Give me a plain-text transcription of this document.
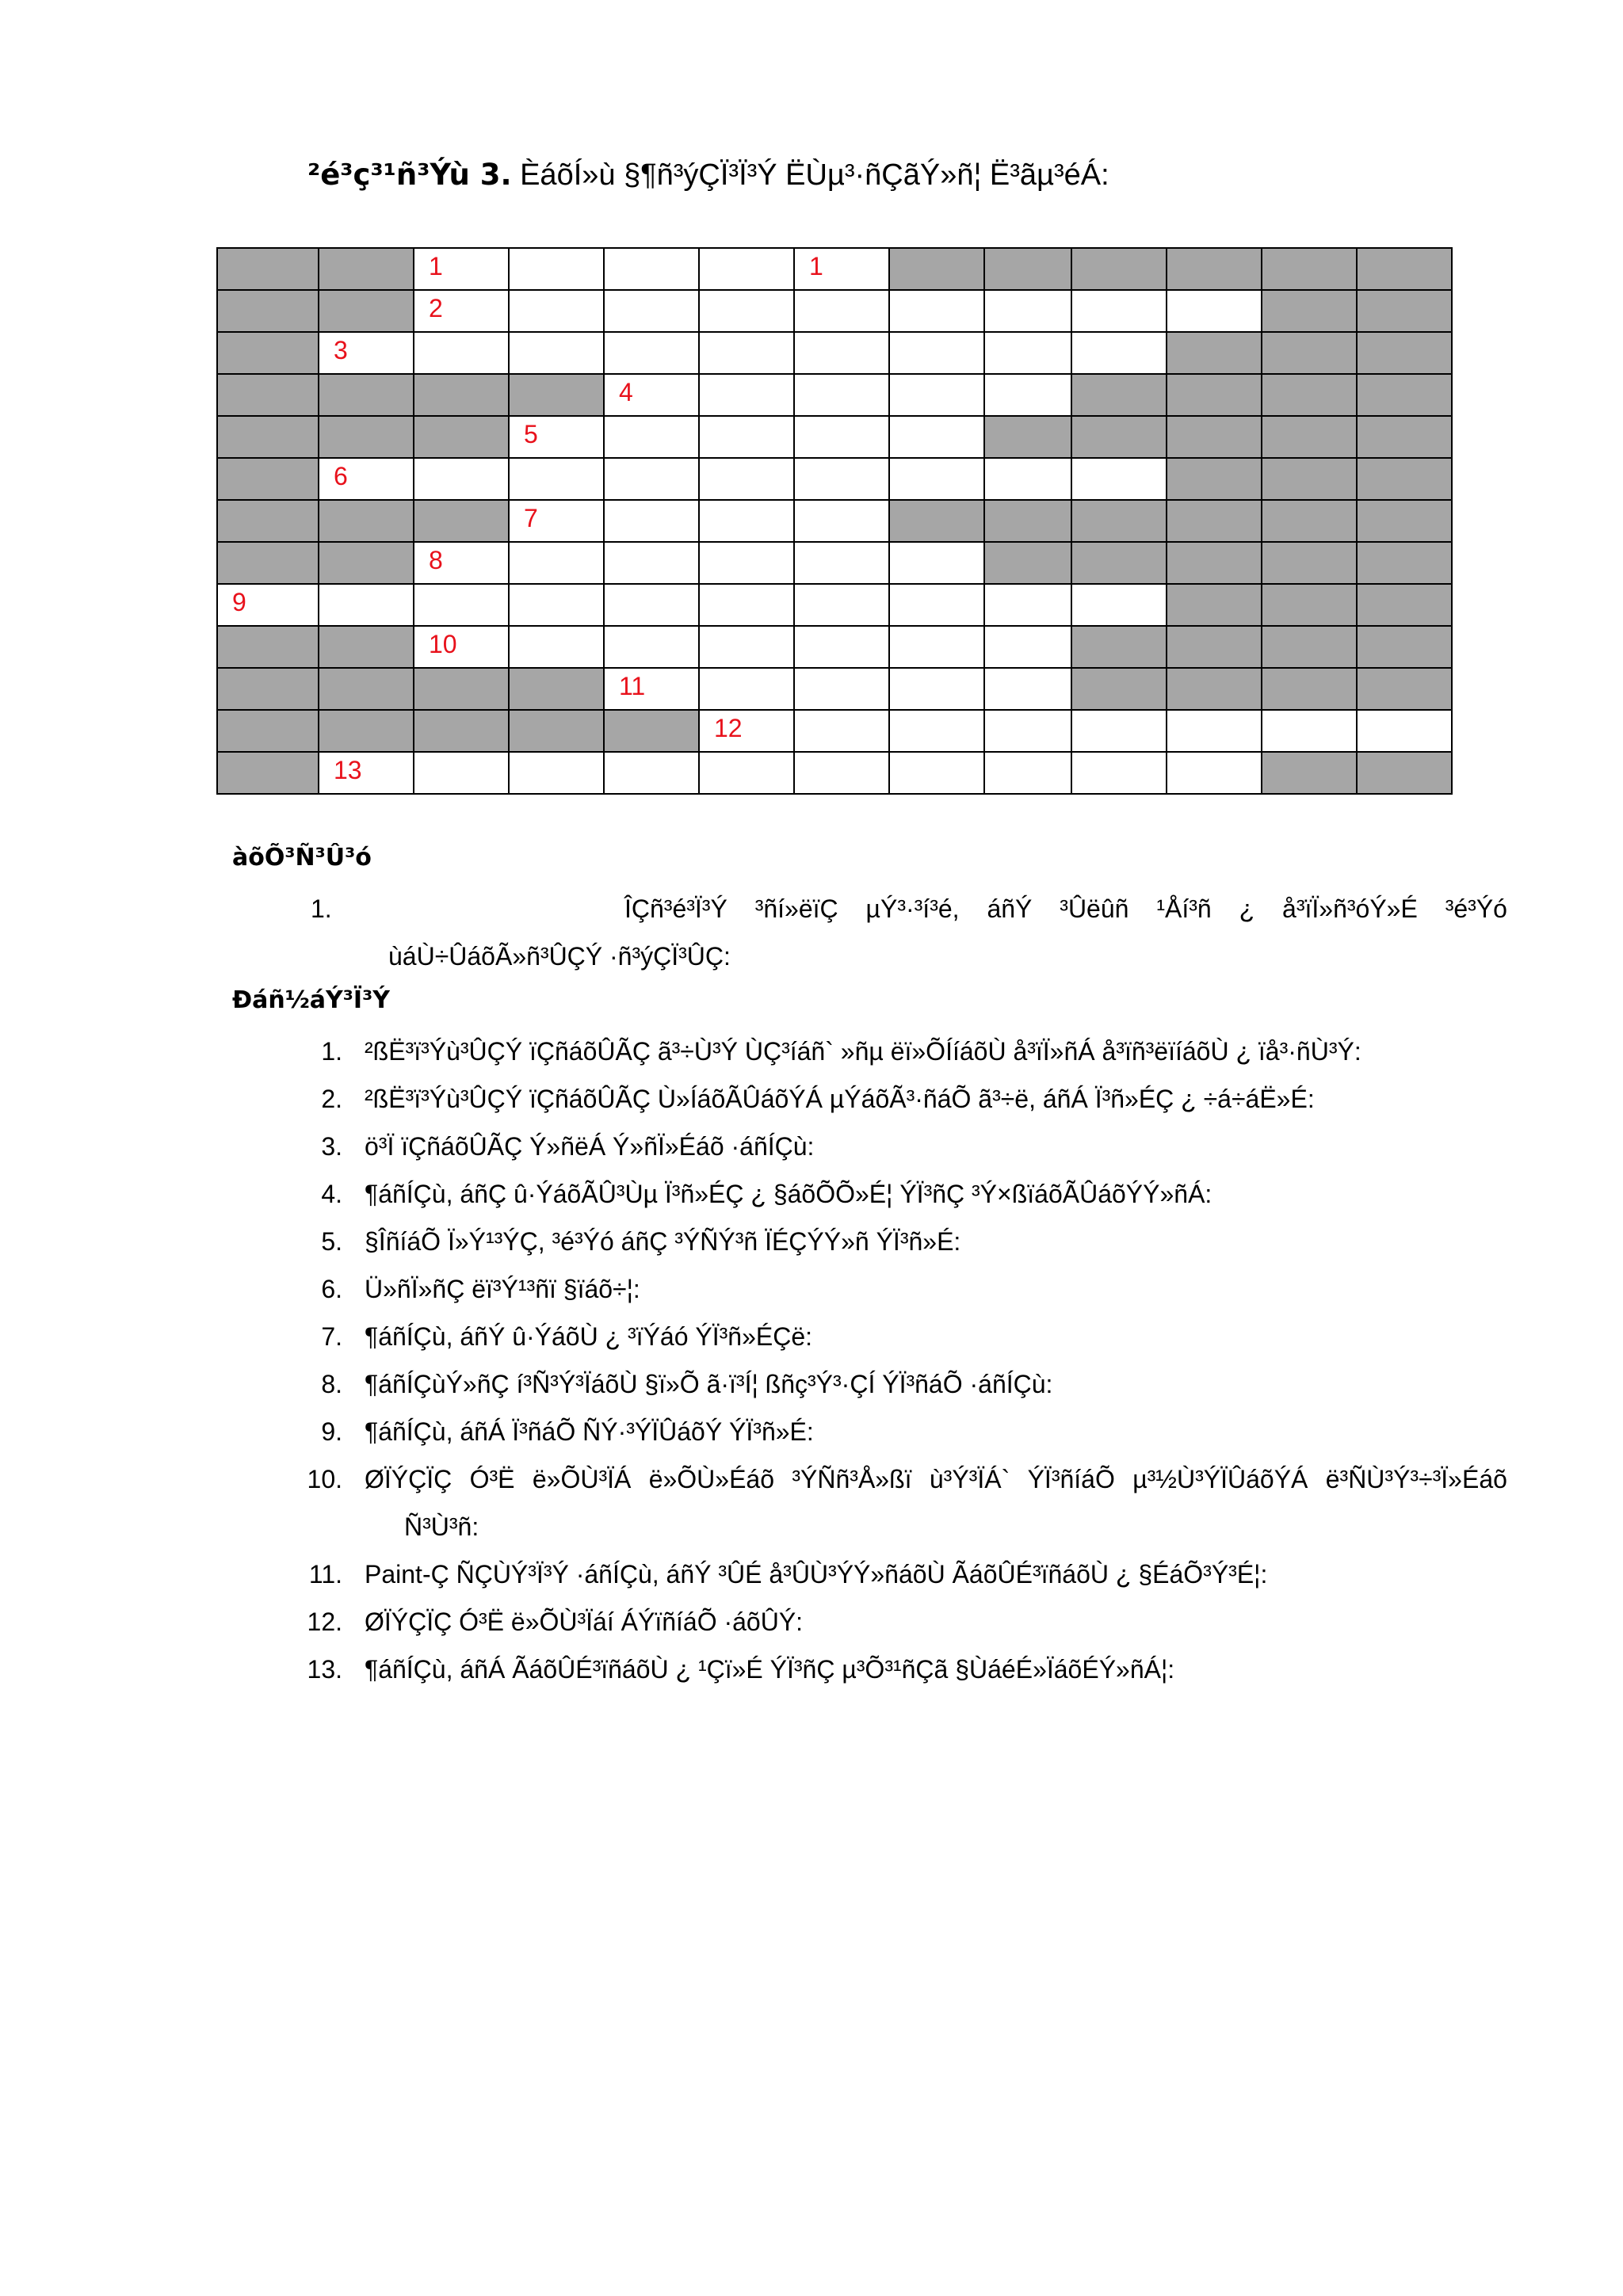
²é³ç³¹ñ³Ýù 3. ÈáõÍ»ù §¶ñ³ýÇÏ³Ï³Ý ËÙµ³·ñÇãÝ»ñ¦ Ë³ãµ³éÁ:

		1				1						

		2										

	3											

				4								

			5									

	6											

			7									

		8										

9												

		10										

				11								

					12							

	13											

àõÕ³Ñ³Û³ó
1.	ÎÇñ³é³Ï³Ý ³ñí»ëïÇ µÝ³·³í³é, áñÝ ³Ûëûñ ¹Åí³ñ ¿ å³ïÏ»ñ³óÝ»É ³é³Ýó
ùáÙ÷ÛáõÃ»ñ³ÛÇÝ ·ñ³ýÇÏ³ÛÇ:
Ðáñ½áÝ³Ï³Ý
1. ²ßË³ï³Ýù³ÛÇÝ ïÇñáõÛÃÇ ã³÷Ù³Ý ÙÇ³íáñ` »ñµ ëï»ÕÍíáõÙ å³ïÏ»ñÁ å³ïñ³ëïíáõÙ ¿ ïå³·ñÙ³Ý:
2. ²ßË³ï³Ýù³ÛÇÝ ïÇñáõÛÃÇ Ù»ÍáõÃÛáõÝÁ µÝáõÃ³·ñáÕ ã³÷ë, áñÁ Ï³ñ»ÉÇ ¿ ÷á÷áË»É:
3. ö³Ï ïÇñáõÛÃÇ Ý»ñëÁ Ý»ñÏ»Éáõ ·áñÍÇù:
4. ¶áñÍÇù, áñÇ û·ÝáõÃÛ³Ùµ Ï³ñ»ÉÇ ¿ §áõÕÕ»É¦ ÝÏ³ñÇ ³Ý×ßïáõÃÛáõÝÝ»ñÁ:
5. §ÎñíáÕ Ï»Ý¹³ÝÇ, ³é³Ýó áñÇ ³ÝÑÝ³ñ ÏÉÇÝÝ»ñ ÝÏ³ñ»É:
6. Ü»ñÏ»ñÇ ëï³Ý¹³ñï §ïáõ÷¦:
7. ¶áñÍÇù, áñÝ û·ÝáõÙ ¿ ³ïÝáó ÝÏ³ñ»ÉÇë:
8. ¶áñÍÇùÝ»ñÇ í³Ñ³Ý³ÏáõÙ §ï»Õ ã·ï³Í¦ ßñç³Ý³·ÇÍ ÝÏ³ñáÕ ·áñÍÇù:
9. ¶áñÍÇù, áñÁ Ï³ñáÕ ÑÝ·³ÝÏÛáõÝ ÝÏ³ñ»É:
10. ØÏÝÇÏÇ Ó³Ë ë»ÕÙ³ÏÁ ë»ÕÙ»Éáõ ³ÝÑñ³Å»ßï ù³Ý³ÏÁ` ÝÏ³ñíáÕ µ³½Ù³ÝÏÛáõÝÁ ë³ÑÙ³Ý³÷³Ï»Éáõ
Ñ³Ù³ñ:
11. Paint-Ç ÑÇÙÝ³Ï³Ý ·áñÍÇù, áñÝ ³ÛÉ å³ÛÙ³ÝÝ»ñáõÙ ÃáõÛÉ³ïñáõÙ ¿ §ÉáÕ³Ý³É¦:
12. ØÏÝÇÏÇ Ó³Ë ë»ÕÙ³Ïáí ÁÝïñíáÕ ·áõÛÝ:
13. ¶áñÍÇù, áñÁ ÃáõÛÉ³ïñáõÙ ¿ ¹Çï»É ÝÏ³ñÇ µ³Õ³¹ñÇã §ÙáéÉ»ÏáõÉÝ»ñÁ¦:
